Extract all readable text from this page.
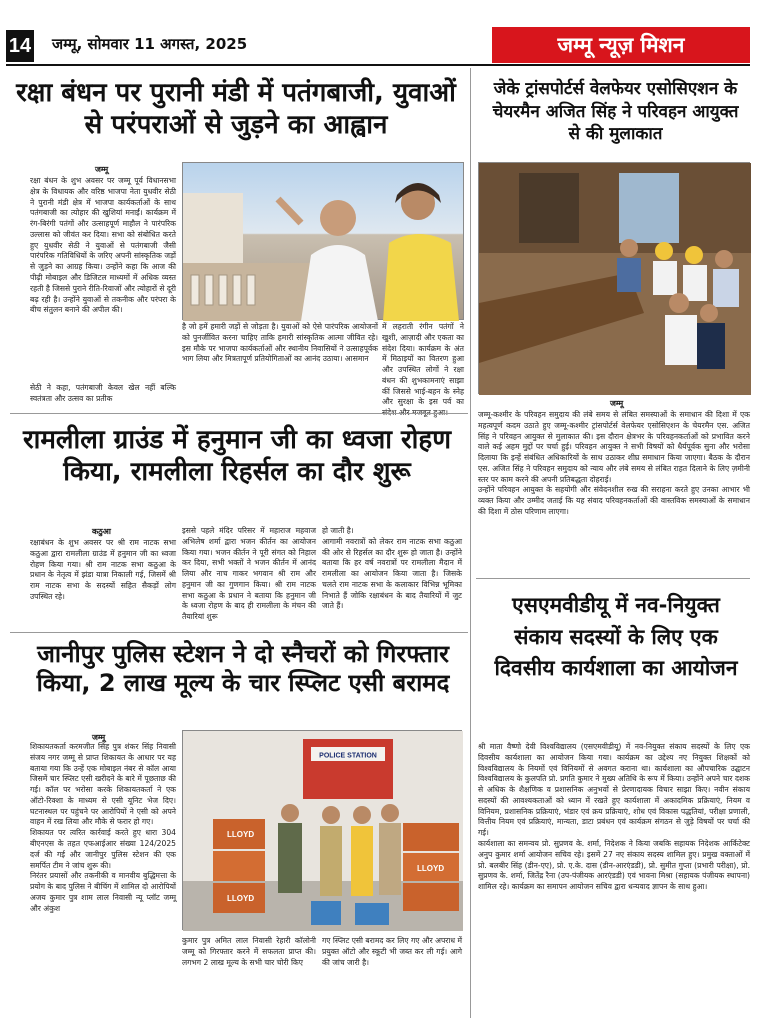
14 जम्मू, सोमवार 11 अगस्त, 2025	जम्मू न्यूज़ मिशन
रक्षा बंधन पर पुरानी मंडी में पतंगबाजी, युवाओं से परंपराओं से जुड़ने का आह्वान
जम्मू
रक्षा बंधन के शुभ अवसर पर जम्मू पूर्व विधानसभा क्षेत्र के विधायक और वरिष्ठ भाजपा नेता युधवीर सेठी ने पुरानी मंडी क्षेत्र में भाजपा कार्यकर्ताओं के साथ पतंगबाजी का त्योहार की खुशियां मनाईं। कार्यक्रम में रंग-बिरंगी पतंगों और उत्साहपूर्ण माहौल ने पारंपरिक उल्लास को जीवंत कर दिया। सभा को संबोधित करते हुए युधवीर सेठी ने युवाओं से पतंगबाजी जैसी पारंपरिक गतिविधियों के जरिए अपनी सांस्कृतिक जड़ों से जुड़ने का आग्रह किया। उन्होंने कहा कि आज की पीढ़ी मोबाइल और डिजिटल माध्यमों में अधिक व्यस्त रहती है जिससे पुराने रीति-रिवाजों और त्योहारों से दूरी बढ़ रही है। उन्होंने युवाओं से तकनीक और परंपरा के बीच संतुलन बनाने की अपील की।
सेठी ने कहा, पतंगबाजी केवल खेल नहीं बल्कि स्वतंत्रता और उत्सव का प्रतीक
है जो हमें हमारी जड़ों से जोड़ता है। युवाओं को ऐसे पारंपरिक आयोजनों को पुनर्जीवित करना चाहिए ताकि हमारी सांस्कृतिक आत्मा जीवित रहे। इस मौके पर भाजपा कार्यकर्ताओं और स्थानीय निवासियों ने उत्साहपूर्वक भाग लिया और मित्रतापूर्ण प्रतियोगिताओं का आनंद उठाया। आसमान
में लहराती रंगीन पतंगों ने खुशी, आज़ादी और एकता का संदेश दिया। कार्यक्रम के अंत में मिठाइयों का वितरण हुआ और उपस्थित लोगों ने रक्षा बंधन की शुभकामनाएं साझा कीं जिससे भाई-बहन के स्नेह और सुरक्षा के इस पर्व का
रामलीला ग्राउंड में हनुमान जी का ध्वजा रोहण किया, रामलीला रिहर्सल का दौर शुरू
कठुआ
रक्षाबंधन के शुभ अवसर पर श्री राम नाटक सभा कठुआ द्वारा रामलीला ग्राउंड में हनुमान जी का ध्वजा रोहण किया गया। श्री राम नाटक सभा कठुआ के प्रधान के नेतृत्व में झंडा यात्रा निकाली गई, जिसमें श्री राम नाटक सभा के सदस्यों सहित सैकड़ों लोग उपस्थित रहे।
इससे पहले मंदिर परिसर में महाराज महवाज अभिलेष शर्मा द्वारा भजन कीर्तन का आयोजन किया गया। भजन कीर्तन ने पूरी संगत को निहाल कर दिया, सभी भक्तों ने भजन कीर्तन में आनंद लिया और नाच गाकर भगवान श्री राम और हनुमान जी का गुणगान किया। श्री राम नाटक सभा कठुआ के प्रधान ने बताया कि हनुमान जी के ध्वजा रोहण के बाद ही रामलीला के मंचन की तैयारियां शुरू
हो जाती है।
आगामी नवरात्रों को लेकर राम नाटक सभा कठुआ की ओर से रिहर्सल का दौर शुरू हो जाता है। उन्होंने बताया कि हर वर्ष नवरात्रों पर रामलीला मैदान में रामलीला का आयोजन किया जाता है। जिसके चलते राम नाटक सभा के कलाकार विभिन्न भूमिका निभाते हैं जोकि रक्षाबंधन के बाद तैयारियों में जुट जाते हैं।
जानीपुर पुलिस स्टेशन ने दो स्नैचरों को गिरफ्तार किया, 2 लाख मूल्य के चार स्प्लिट एसी बरामद
जम्मू
शिकायतकर्ता करमजीत सिंह पुत्र शंकर सिंह निवासी संजय नगर जम्मू से प्राप्त शिकायत के आधार पर यह बताया गया कि उन्हें एक मोबाइल नंबर से कॉल आया जिसमें चार स्प्लिट एसी खरीदने के बारे में पूछताछ की गई। कॉल पर भरोसा करके शिकायतकर्ता ने एक ऑटो-रिक्शा के माध्यम से एसी यूनिट भेज दिए। घटनास्थल पर पहुंचने पर आरोपियों ने एसी को अपने वाहन में रख लिया और मौके से फरार हो गए।
शिकायत पर त्वरित कार्रवाई करते हुए धारा 304 बीएनएस के तहत एफआईआर संख्या 124/2025 दर्ज की गई और जानीपुर पुलिस स्टेशन की एक समर्पित टीम ने जांच शुरू की।
निरंतर प्रयासों और तकनीकी व मानवीय बुद्धिमत्ता के प्रयोग के बाद पुलिस ने बीचिंग में शामिल दो आरोपियों अजय कुमार पुत्र शाम लाल निवासी न्यू प्लॉट जम्मू और अंकुश
POLICE STATION
LLOYD
LLOYD
LLOYD
कुमार पुत्र अमित लाल निवासी रेहारी कॉलोनी जम्मू को गिरफ्तार करने में सफलता प्राप्त की। लगभग 2 लाख मूल्य के सभी चार चोरी किए
गए स्प्लिट एसी बरामद कर लिए गए और अपराध में प्रयुक्त ऑटो और स्कूटी भी जब्त कर ली गई। आगे की जांच जारी है।
जेके ट्रांसपोर्टर्स वेलफेयर एसोसिएशन के चेयरमैन अजित सिंह ने परिवहन आयुक्त से की मुलाकात
जम्मू
जम्मू-कश्मीर के परिवहन समुदाय की लंबे समय से लंबित समस्याओं के समाधान की दिशा में एक महत्वपूर्ण कदम उठाते हुए जम्मू-कश्मीर ट्रांसपोर्टर्स वेलफेयर एसोसिएशन के चेयरमैन एस. अजित सिंह ने परिवहन आयुक्त से मुलाकात की। इस दौरान क्षेत्रभर के परिवहनकर्ताओं को प्रभावित करने वाले कई अहम मुद्दों पर चर्चा हुई। परिवहन आयुक्त ने सभी विषयों को धैर्यपूर्वक सुना और भरोसा दिलाया कि इन्हें संबंधित अधिकारियों के साथ उठाकर शीघ्र समाधान किया जाएगा। बैठक के दौरान एस. अजित सिंह ने परिवहन समुदाय को न्याय और लंबे समय से लंबित राहत दिलाने के लिए ज़मीनी स्तर पर काम करने की अपनी प्रतिबद्धता दोहराई।
उन्होंने परिवहन आयुक्त के सहयोगी और संवेदनशील रुख की सराहना करते हुए उनका आभार भी व्यक्त किया और उम्मीद जताई कि यह संवाद परिवहनकर्ताओं की वास्तविक समस्याओं के समाधान की दिशा में ठोस परिणाम लाएगा।
एसएमवीडीयू में नव-नियुक्त संकाय सदस्यों के लिए एक दिवसीय कार्यशाला का आयोजन
श्री माता वैष्णो देवी विश्वविद्यालय (एसएमवीडीयू) में नव-नियुक्त संकाय सदस्यों के लिए एक दिवसीय कार्यशाला का आयोजन किया गया। कार्यक्रम का उद्देश्य नए नियुक्त शिक्षकों को विश्वविद्यालय के नियमों एवं विनियमों से अवगत कराना था। कार्यशाला का औपचारिक उद्घाटन विश्वविद्यालय के कुलपति प्रो. प्रगति कुमार ने मुख्य अतिथि के रूप में किया। उन्होंने अपने चार दशक से अधिक के शैक्षणिक व प्रशासनिक अनुभवों से प्रेरणादायक विचार साझा किए। नवीन संकाय सदस्यों की आवश्यकताओं को ध्यान में रखते हुए कार्यशाला में अकादमिक प्रक्रियाएं, नियम व विनियम, प्रशासनिक प्रक्रियाएं, भंडार एवं क्रय प्रक्रियाएं, शोध एवं विकास पद्धतियां, परीक्षा प्रणाली, वित्तीय नियम एवं प्रक्रियाएं, मान्यता, डाटा प्रबंधन एवं कार्यक्रम संगठन से जुड़े विषयों पर चर्चा की गई।
कार्यशाला का समन्वय प्रो. सुप्रणव के. शर्मा, निदेशक ने किया जबकि सहायक निदेशक आर्किटेक्ट अनुप कुमार शर्मा आयोजन सचिव रहे। इसमें 27 नए संकाय सदस्य शामिल हुए। प्रमुख वक्ताओं में प्रो. बलबीर सिंह (डीन-एए), प्रो. ए.के. दास (डीन-आरएंडडी), प्रो. सुमीत गुप्ता (प्रभारी परीक्षा), प्रो. सुप्रणव के. शर्मा, जितेंद्र रैना (उप-पंजीयक आरएंडडी) एवं भावना मिश्रा (सहायक पंजीयक स्थापना) शामिल रहे। कार्यक्रम का समापन आयोजन सचिव द्वारा धन्यवाद ज्ञापन के साथ हुआ।
